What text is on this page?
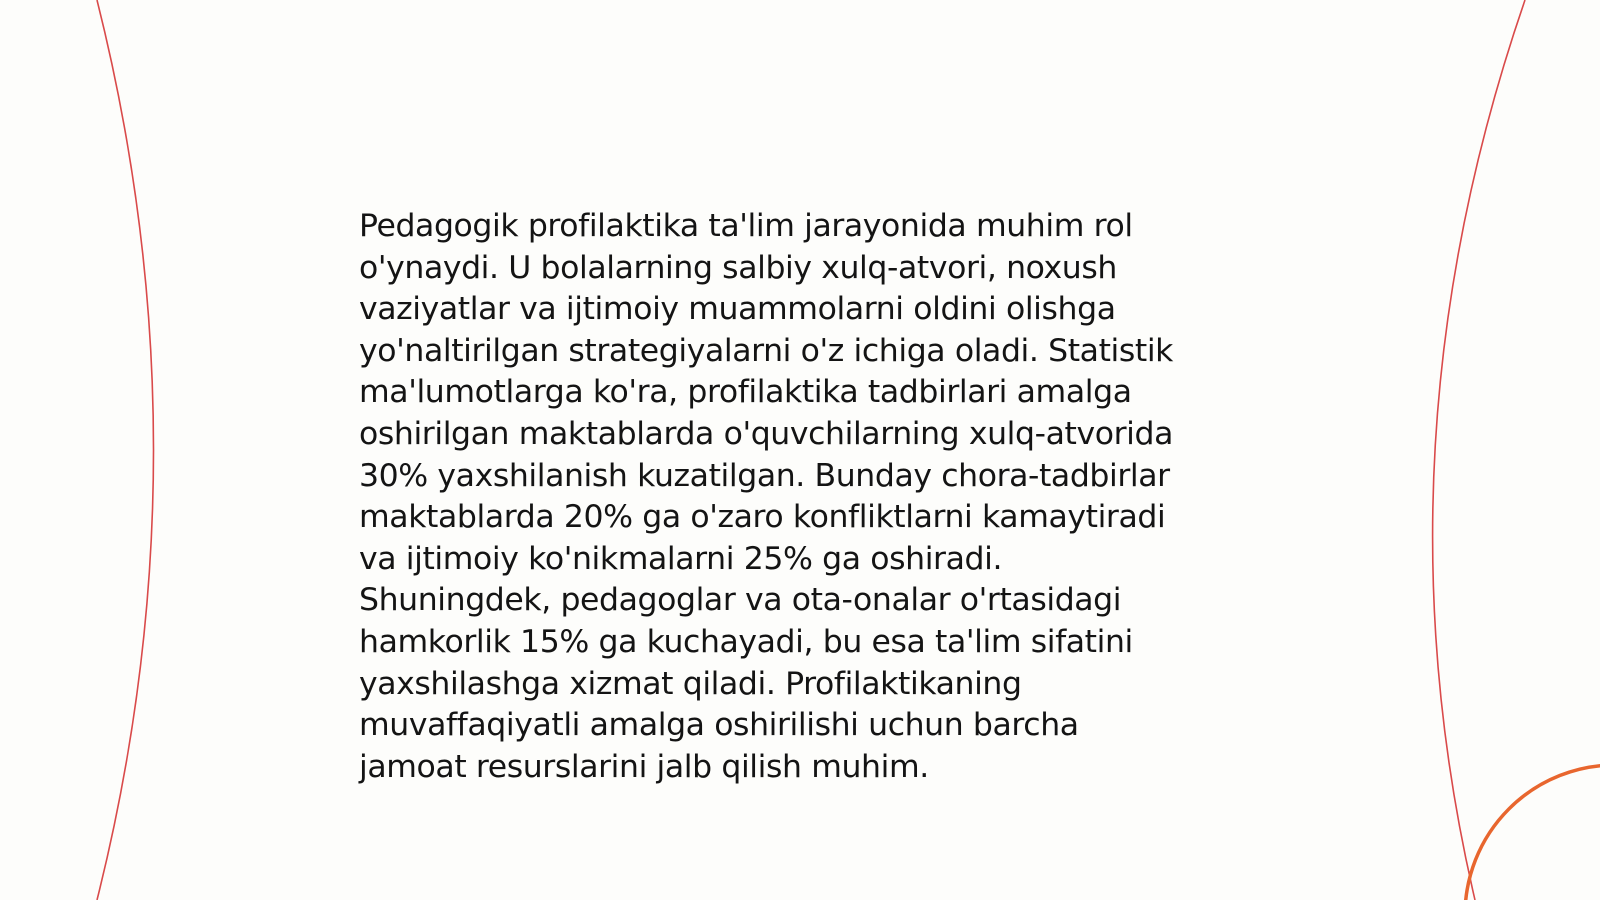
Pedagogik profilaktika ta'lim jarayonida muhim rol
o'ynaydi. U bolalarning salbiy xulq-atvori, noxush
vaziyatlar va ijtimoiy muammolarni oldini olishga
yo'naltirilgan strategiyalarni o'z ichiga oladi. Statistik
ma'lumotlarga ko'ra, profilaktika tadbirlari amalga
oshirilgan maktablarda o'quvchilarning xulq-atvorida
30% yaxshilanish kuzatilgan. Bunday chora-tadbirlar
maktablarda 20% ga o'zaro konfliktlarni kamaytiradi
va ijtimoiy ko'nikmalarni 25% ga oshiradi.
Shuningdek, pedagoglar va ota-onalar o'rtasidagi
hamkorlik 15% ga kuchayadi, bu esa ta'lim sifatini
yaxshilashga xizmat qiladi. Profilaktikaning
muvaffaqiyatli amalga oshirilishi uchun barcha
jamoat resurslarini jalb qilish muhim.
